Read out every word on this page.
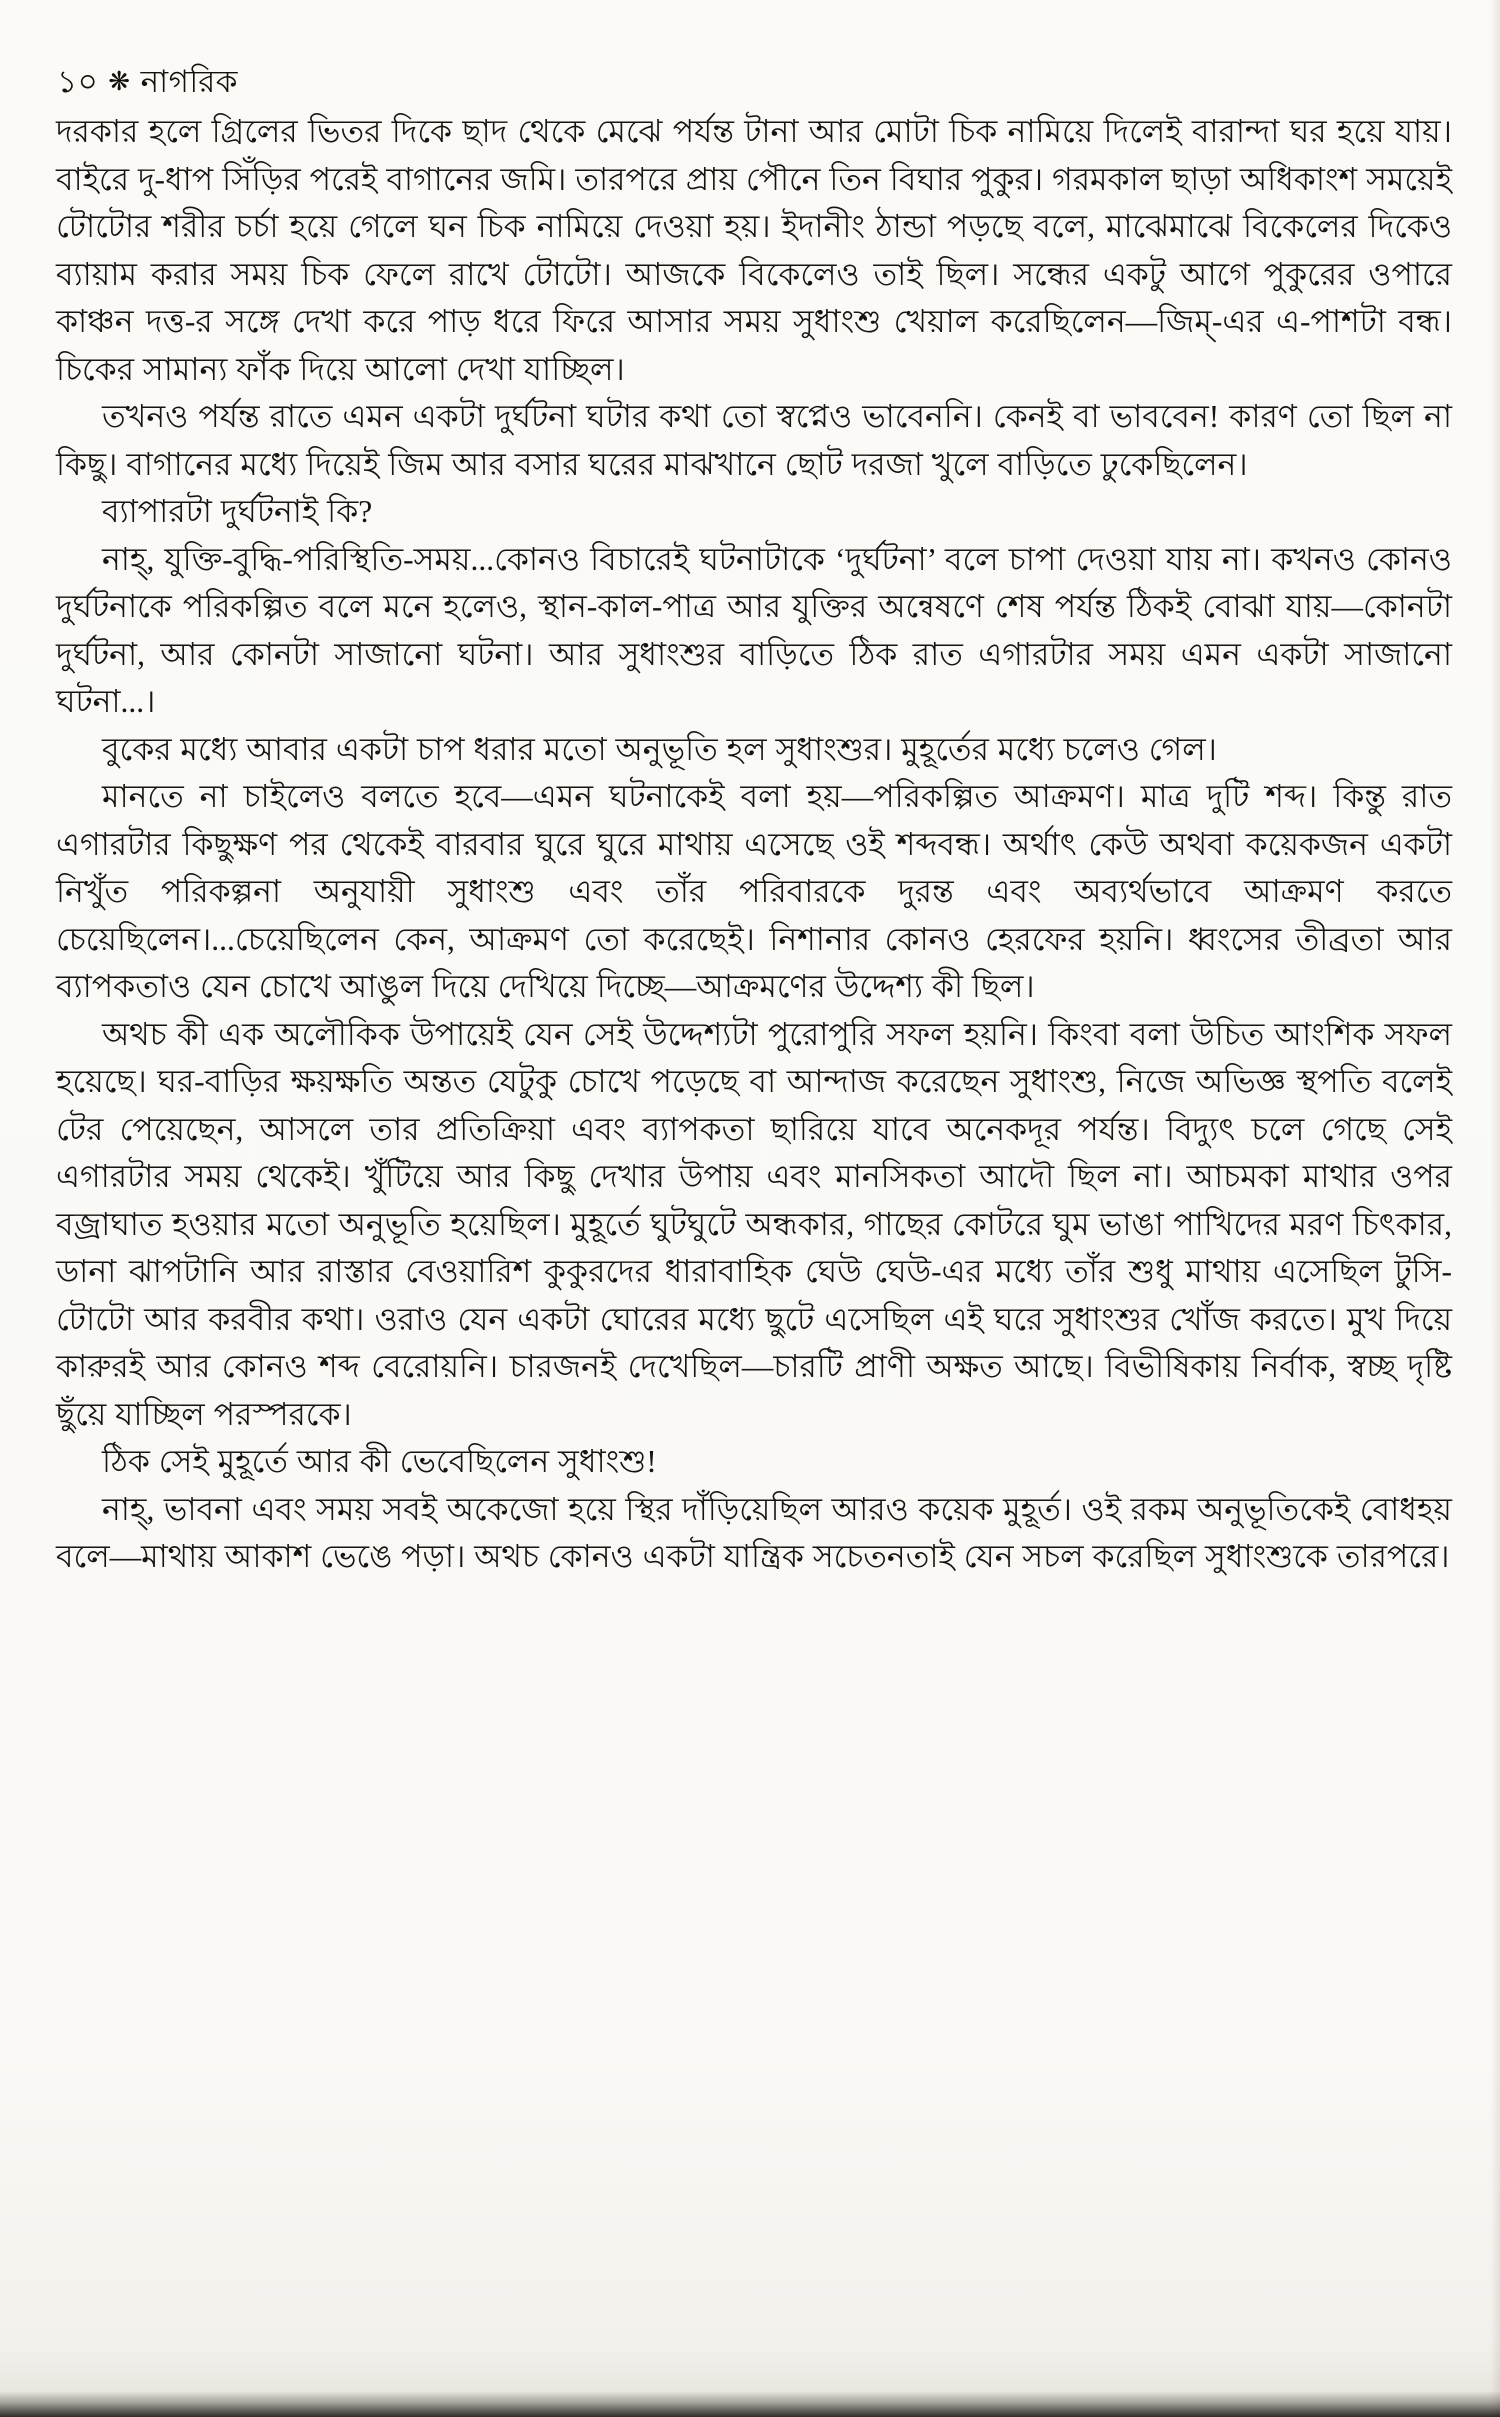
১০ ❋ নাগরিক

দরকার হলে গ্রিলের ভিতর দিকে ছাদ থেকে মেঝে পর্যন্ত টানা আর মোটা চিক নামিয়ে দিলেই বারান্দা ঘর হয়ে যায়। বাইরে দু-ধাপ সিঁড়ির পরেই বাগানের জমি। তারপরে প্রায় পৌনে তিন বিঘার পুকুর। গরমকাল ছাড়া অধিকাংশ সময়েই টোটোর শরীর চর্চা হয়ে গেলে ঘন চিক নামিয়ে দেওয়া হয়। ইদানীং ঠান্ডা পড়ছে বলে, মাঝেমাঝে বিকেলের দিকেও ব্যায়াম করার সময় চিক ফেলে রাখে টোটো। আজকে বিকেলেও তাই ছিল। সন্ধের একটু আগে পুকুরের ওপারে কাঞ্চন দত্ত-র সঙ্গে দেখা করে পাড় ধরে ফিরে আসার সময় সুধাংশু খেয়াল করেছিলেন—জিম্-এর এ-পাশটা বন্ধ। চিকের সামান্য ফাঁক দিয়ে আলো দেখা যাচ্ছিল।

তখনও পর্যন্ত রাতে এমন একটা দুর্ঘটনা ঘটার কথা তো স্বপ্নেও ভাবেননি। কেনই বা ভাববেন! কারণ তো ছিল না কিছু। বাগানের মধ্যে দিয়েই জিম আর বসার ঘরের মাঝখানে ছোট দরজা খুলে বাড়িতে ঢুকেছিলেন।

ব্যাপারটা দুর্ঘটনাই কি?

নাহ্, যুক্তি-বুদ্ধি-পরিস্থিতি-সময়...কোনও বিচারেই ঘটনাটাকে ‘দুর্ঘটনা’ বলে চাপা দেওয়া যায় না। কখনও কোনও দুর্ঘটনাকে পরিকল্পিত বলে মনে হলেও, স্থান-কাল-পাত্র আর যুক্তির অন্বেষণে শেষ পর্যন্ত ঠিকই বোঝা যায়—কোনটা দুর্ঘটনা, আর কোনটা সাজানো ঘটনা। আর সুধাংশুর বাড়িতে ঠিক রাত এগারটার সময় এমন একটা সাজানো ঘটনা...।

বুকের মধ্যে আবার একটা চাপ ধরার মতো অনুভূতি হল সুধাংশুর। মুহূর্তের মধ্যে চলেও গেল।

মানতে না চাইলেও বলতে হবে—এমন ঘটনাকেই বলা হয়—পরিকল্পিত আক্রমণ। মাত্র দুটি শব্দ। কিন্তু রাত এগারটার কিছুক্ষণ পর থেকেই বারবার ঘুরে ঘুরে মাথায় এসেছে ওই শব্দবন্ধ। অর্থাৎ কেউ অথবা কয়েকজন একটা নিখুঁত পরিকল্পনা অনুযায়ী সুধাংশু এবং তাঁর পরিবারকে দুরন্ত এবং অব্যর্থভাবে আক্রমণ করতে চেয়েছিলেন।...চেয়েছিলেন কেন, আক্রমণ তো করেছেই। নিশানার কোনও হেরফের হয়নি। ধ্বংসের তীব্রতা আর ব্যাপকতাও যেন চোখে আঙুল দিয়ে দেখিয়ে দিচ্ছে—আক্রমণের উদ্দেশ্য কী ছিল।

অথচ কী এক অলৌকিক উপায়েই যেন সেই উদ্দেশ্যটা পুরোপুরি সফল হয়নি। কিংবা বলা উচিত আংশিক সফল হয়েছে। ঘর-বাড়ির ক্ষয়ক্ষতি অন্তত যেটুকু চোখে পড়েছে বা আন্দাজ করেছেন সুধাংশু, নিজে অভিজ্ঞ স্থপতি বলেই টের পেয়েছেন, আসলে তার প্রতিক্রিয়া এবং ব্যাপকতা ছারিয়ে যাবে অনেকদূর পর্যন্ত। বিদ্যুৎ চলে গেছে সেই এগারটার সময় থেকেই। খুঁটিয়ে আর কিছু দেখার উপায় এবং মানসিকতা আদৌ ছিল না। আচমকা মাথার ওপর বজ্রাঘাত হওয়ার মতো অনুভূতি হয়েছিল। মুহূর্তে ঘুটঘুটে অন্ধকার, গাছের কোটরে ঘুম ভাঙা পাখিদের মরণ চিৎকার, ডানা ঝাপটানি আর রাস্তার বেওয়ারিশ কুকুরদের ধারাবাহিক ঘেউ ঘেউ-এর মধ্যে তাঁর শুধু মাথায় এসেছিল টুসি-টোটো আর করবীর কথা। ওরাও যেন একটা ঘোরের মধ্যে ছুটে এসেছিল এই ঘরে সুধাংশুর খোঁজ করতে। মুখ দিয়ে কারুরই আর কোনও শব্দ বেরোয়নি। চারজনই দেখেছিল—চারটি প্রাণী অক্ষত আছে। বিভীষিকায় নির্বাক, স্বচ্ছ দৃষ্টি ছুঁয়ে যাচ্ছিল পরস্পরকে।

ঠিক সেই মুহূর্তে আর কী ভেবেছিলেন সুধাংশু!

নাহ্, ভাবনা এবং সময় সবই অকেজো হয়ে স্থির দাঁড়িয়েছিল আরও কয়েক মুহূর্ত। ওই রকম অনুভূতিকেই বোধহয় বলে—মাথায় আকাশ ভেঙে পড়া। অথচ কোনও একটা যান্ত্রিক সচেতনতাই যেন সচল করেছিল সুধাংশুকে তারপরে।
